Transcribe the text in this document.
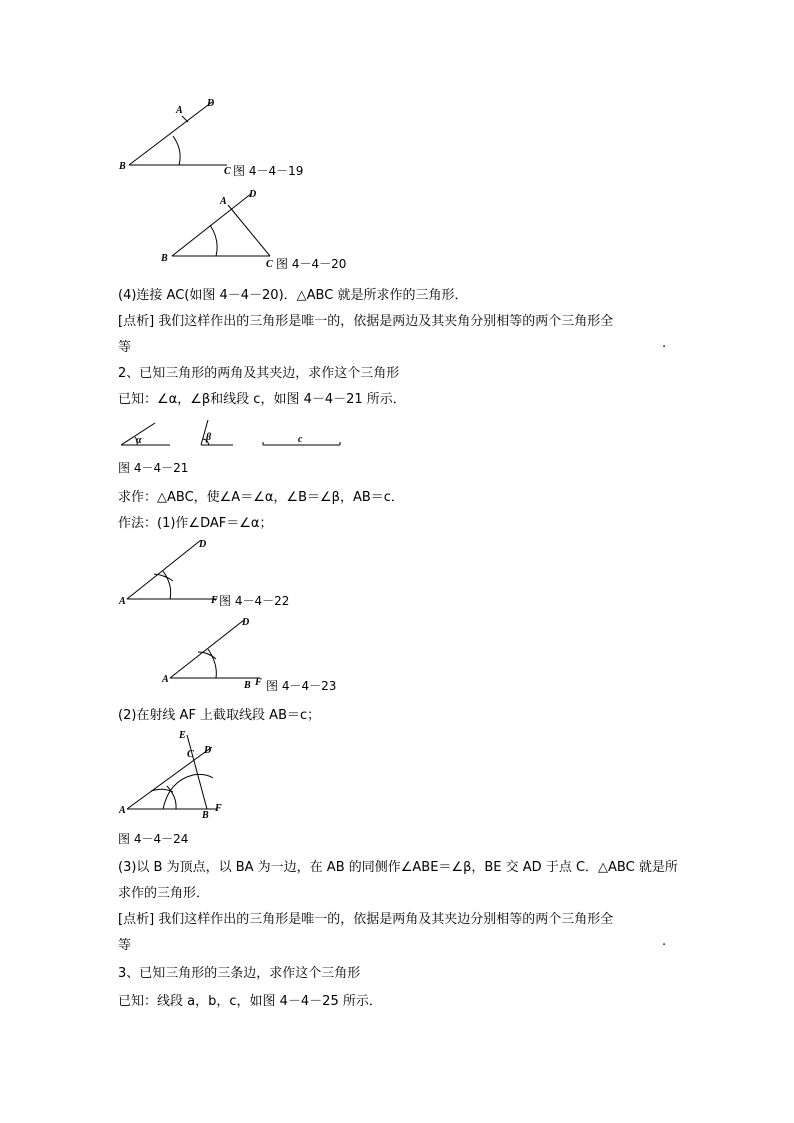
A
D
B	C 图 4－4－19
A
D
B
C 图 4－4－20
(4)连接 AC(如图 4－4－20)．△ABC 就是所求作的三角形．
[点析] 我们这样作出的三角形是唯一的，依据是两边及其夹角分别相等的两个三角形全
等	.
2、已知三角形的两角及其夹边，求作这个三角形
已知：∠α，∠β和线段 c，如图 4－4－21 所示．
α	β	c
图 4－4－21
求作：△ABC，使∠A＝∠α，∠B＝∠β，AB＝c．
作法：(1)作∠DAF＝∠α；
A
D
F 图 4－4－22
A
D
B F 图 4－4－23
(2)在射线 AF 上截取线段 AB＝c；
E
C D
A	B
F
图 4－4－24
(3)以 B 为顶点，以 BA 为一边，在 AB 的同侧作∠ABE＝∠β，BE 交 AD 于点 C．△ABC 就是所
求作的三角形．
[点析] 我们这样作出的三角形是唯一的，依据是两角及其夹边分别相等的两个三角形全
等	.
3、已知三角形的三条边，求作这个三角形
已知：线段 a，b，c，如图 4－4－25 所示．
